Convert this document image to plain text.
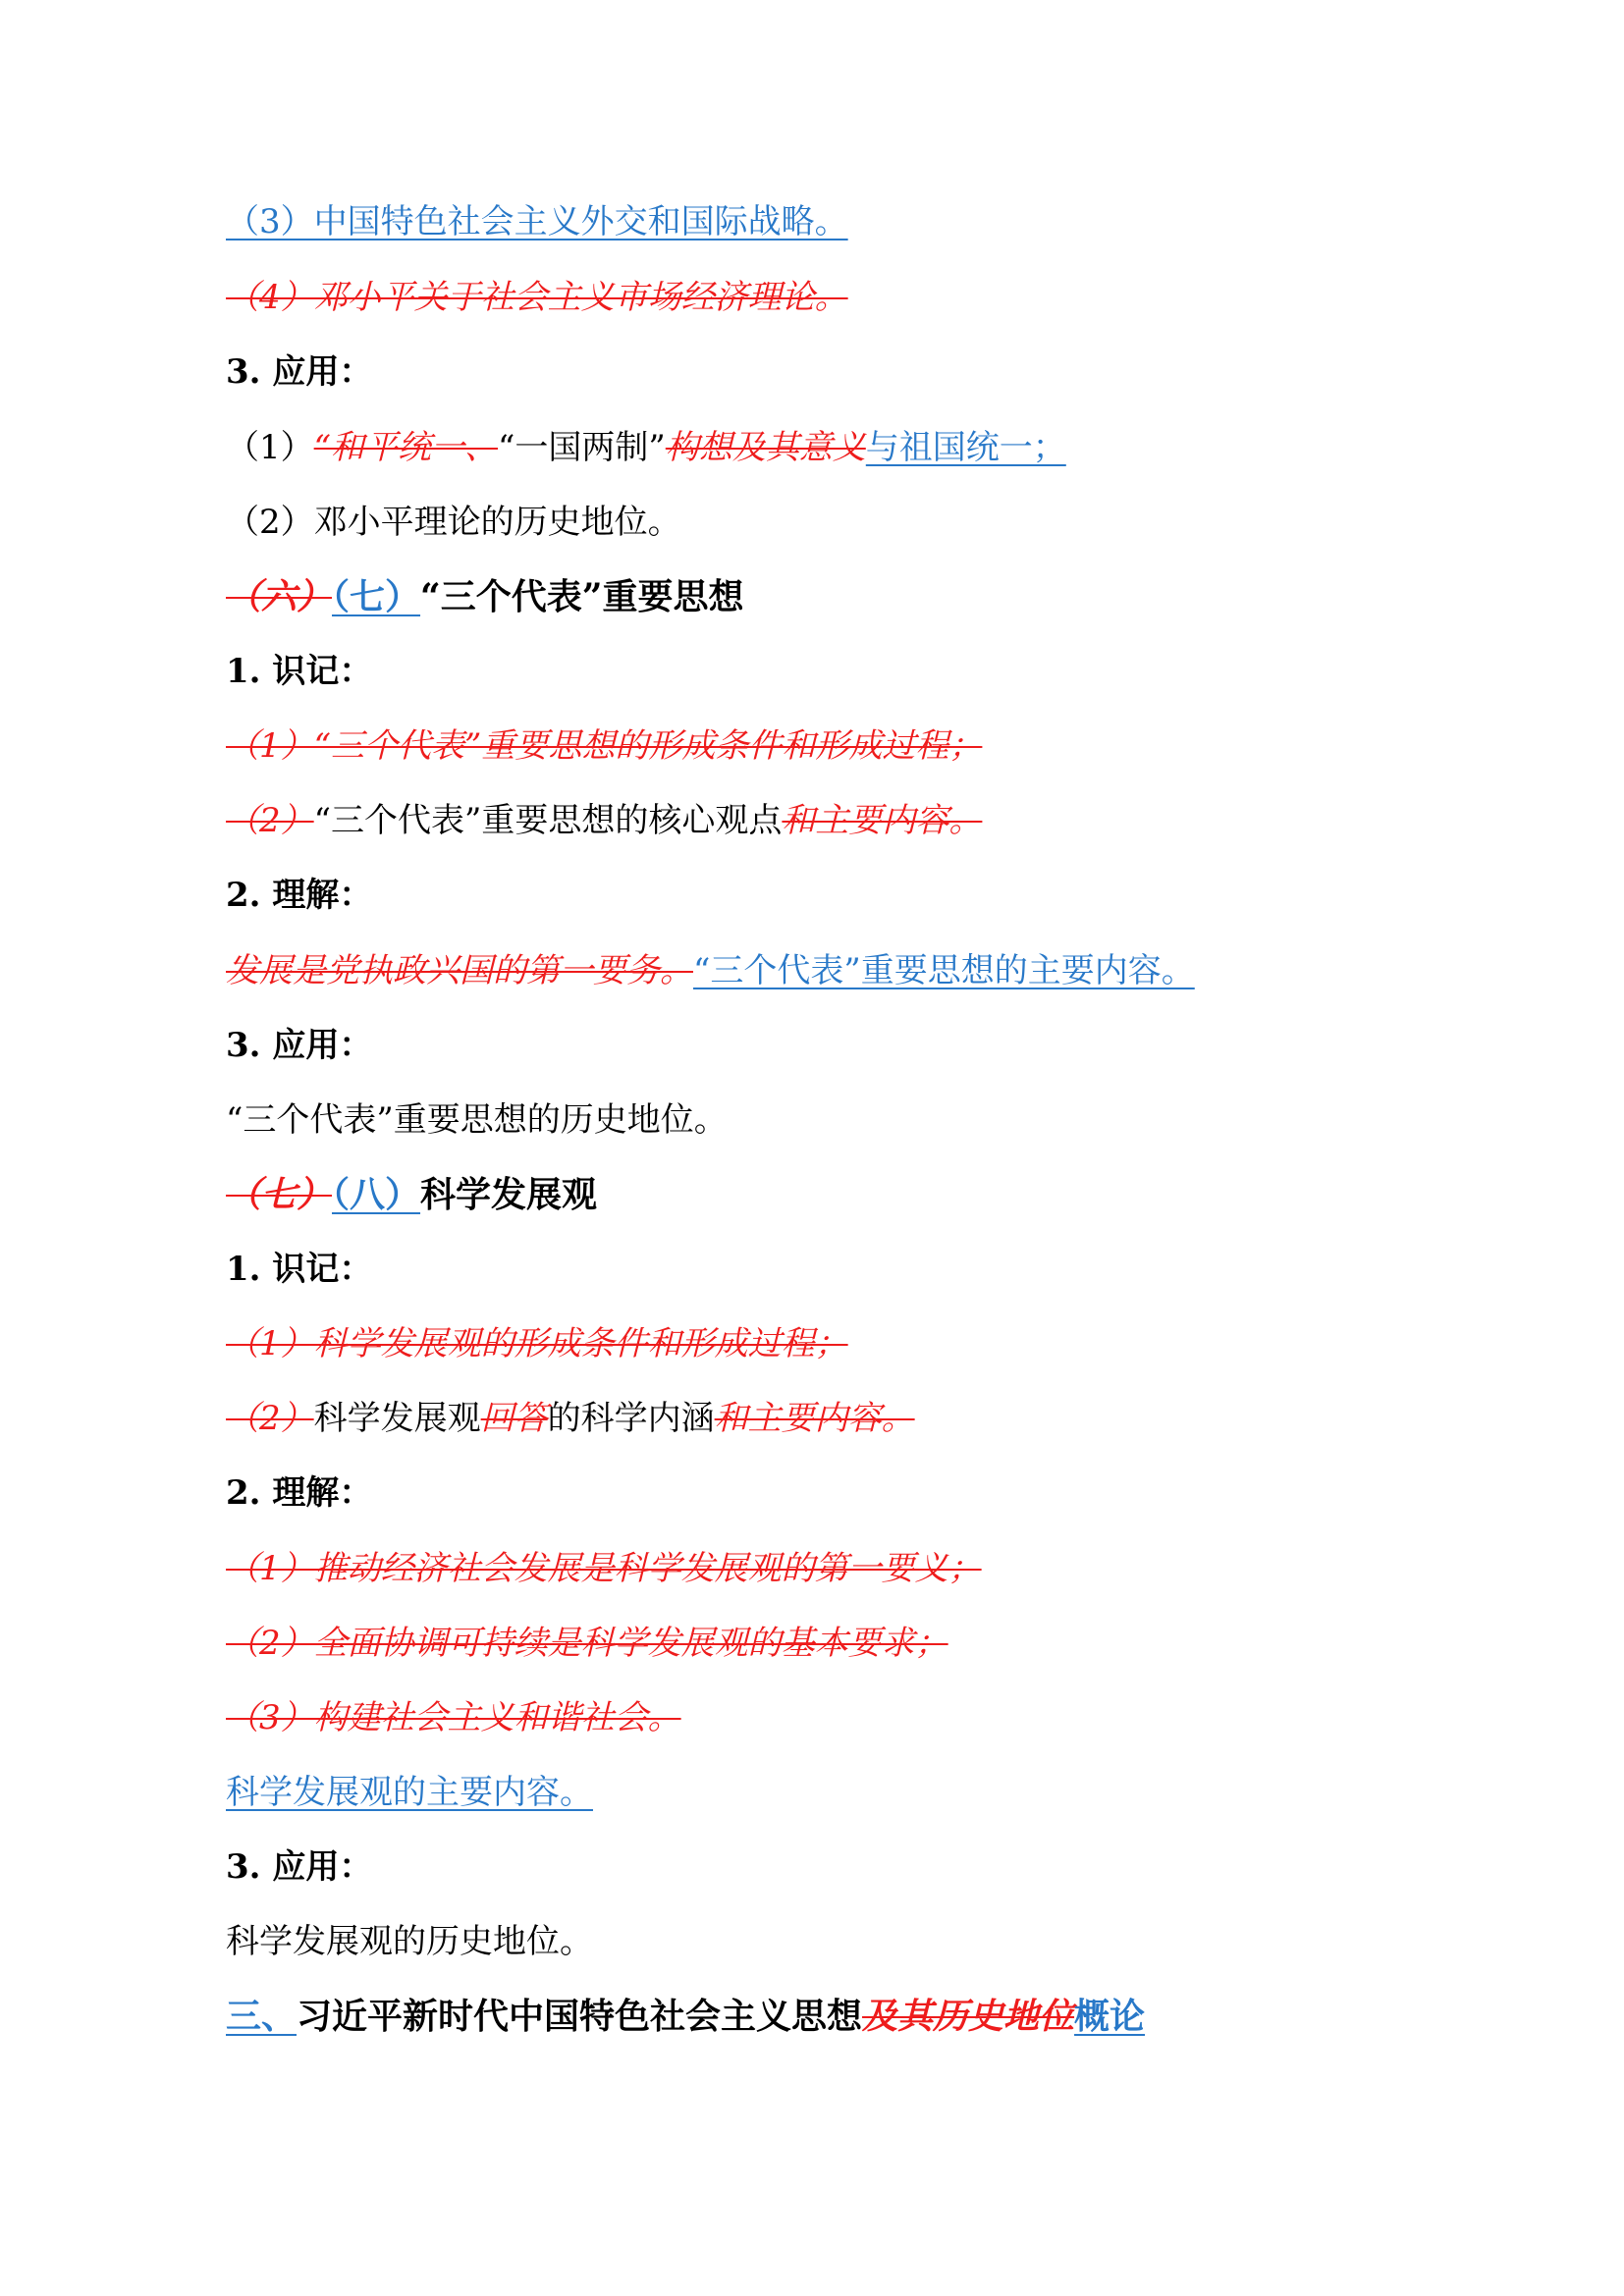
（3）中国特色社会主义外交和国际战略。
（4）邓小平关于社会主义市场经济理论。
3. 应用：
（1）“和平统一、“一国两制”构想及其意义与祖国统一；
（2）邓小平理论的历史地位。
（六）（七）“三个代表”重要思想
1. 识记：
（1）“三个代表”重要思想的形成条件和形成过程；
（2）“三个代表”重要思想的核心观点和主要内容。
2. 理解：
发展是党执政兴国的第一要务。“三个代表”重要思想的主要内容。
3. 应用：
“三个代表”重要思想的历史地位。
（七）（八）科学发展观
1. 识记：
（1）科学发展观的形成条件和形成过程；
（2）科学发展观回答的科学内涵和主要内容。
2. 理解：
（1）推动经济社会发展是科学发展观的第一要义；
（2）全面协调可持续是科学发展观的基本要求；
（3）构建社会主义和谐社会。
科学发展观的主要内容。
3. 应用：
科学发展观的历史地位。
三、习近平新时代中国特色社会主义思想及其历史地位概论
